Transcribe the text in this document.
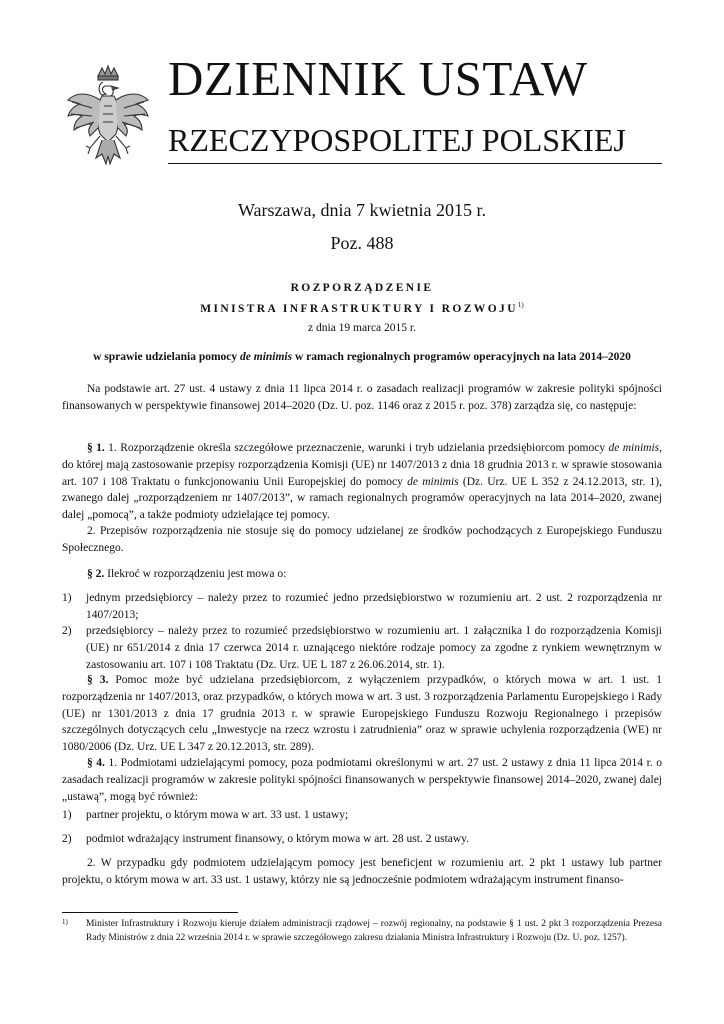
DZIENNIK USTAW
RZECZYPOSPOLITEJ POLSKIEJ
Warszawa, dnia 7 kwietnia 2015 r.
Poz. 488
ROZPORZĄDZENIE
MINISTRA INFRASTRUKTURY I ROZWOJU$^{1)}$
z dnia 19 marca 2015 r.
w sprawie udzielania pomocy de minimis w ramach regionalnych programów operacyjnych na lata 2014–2020
Na podstawie art. 27 ust. 4 ustawy z dnia 11 lipca 2014 r. o zasadach realizacji programów w zakresie polityki spójności finansowanych w perspektywie finansowej 2014–2020 (Dz. U. poz. 1146 oraz z 2015 r. poz. 378) zarządza się, co następuje:
§ 1. 1. Rozporządzenie określa szczegółowe przeznaczenie, warunki i tryb udzielania przedsiębiorcom pomocy de minimis, do której mają zastosowanie przepisy rozporządzenia Komisji (UE) nr 1407/2013 z dnia 18 grudnia 2013 r. w sprawie stosowania art. 107 i 108 Traktatu o funkcjonowaniu Unii Europejskiej do pomocy de minimis (Dz. Urz. UE L 352 z 24.12.2013, str. 1), zwanego dalej „rozporządzeniem nr 1407/2013”, w ramach regionalnych programów operacyjnych na lata 2014–2020, zwanej dalej „pomocą”, a także podmioty udzielające tej pomocy.
2. Przepisów rozporządzenia nie stosuje się do pomocy udzielanej ze środków pochodzących z Europejskiego Funduszu Społecznego.
§ 2. Ilekroć w rozporządzeniu jest mowa o:
1) jednym przedsiębiorcy – należy przez to rozumieć jedno przedsiębiorstwo w rozumieniu art. 2 ust. 2 rozporządzenia nr 1407/2013;
2) przedsiębiorcy – należy przez to rozumieć przedsiębiorstwo w rozumieniu art. 1 załącznika I do rozporządzenia Komisji (UE) nr 651/2014 z dnia 17 czerwca 2014 r. uznającego niektóre rodzaje pomocy za zgodne z rynkiem wewnętrznym w zastosowaniu art. 107 i 108 Traktatu (Dz. Urz. UE L 187 z 26.06.2014, str. 1).
§ 3. Pomoc może być udzielana przedsiębiorcom, z wyłączeniem przypadków, o których mowa w art. 1 ust. 1 rozporządzenia nr 1407/2013, oraz przypadków, o których mowa w art. 3 ust. 3 rozporządzenia Parlamentu Europejskiego i Rady (UE) nr 1301/2013 z dnia 17 grudnia 2013 r. w sprawie Europejskiego Funduszu Rozwoju Regionalnego i przepisów szczególnych dotyczących celu „Inwestycje na rzecz wzrostu i zatrudnienia” oraz w sprawie uchylenia rozporządzenia (WE) nr 1080/2006 (Dz. Urz. UE L 347 z 20.12.2013, str. 289).
§ 4. 1. Podmiotami udzielającymi pomocy, poza podmiotami określonymi w art. 27 ust. 2 ustawy z dnia 11 lipca 2014 r. o zasadach realizacji programów w zakresie polityki spójności finansowanych w perspektywie finansowej 2014–2020, zwanej dalej „ustawą”, mogą być również:
1) partner projektu, o którym mowa w art. 33 ust. 1 ustawy;
2) podmiot wdrażający instrument finansowy, o którym mowa w art. 28 ust. 2 ustawy.
2. W przypadku gdy podmiotem udzielającym pomocy jest beneficjent w rozumieniu art. 2 pkt 1 ustawy lub partner projektu, o którym mowa w art. 33 ust. 1 ustawy, którzy nie są jednocześnie podmiotem wdrażającym instrument finanso-
1) Minister Infrastruktury i Rozwoju kieruje działem administracji rządowej – rozwój regionalny, na podstawie § 1 ust. 2 pkt 3 rozporządzenia Prezesa Rady Ministrów z dnia 22 września 2014 r. w sprawie szczegółowego zakresu działania Ministra Infrastruktury i Rozwoju (Dz. U. poz. 1257).
